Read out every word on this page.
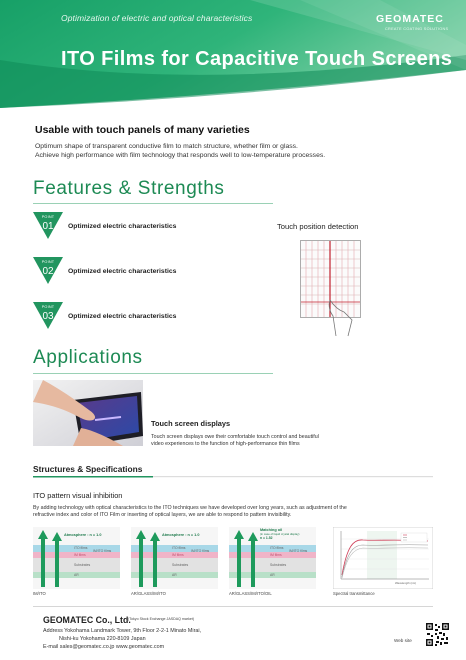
Optimization of electric and optical characteristics
ITO Films for Capacitive Touch Screens
GEOMATEC
CREATE COATING SOLUTIONS
Usable with touch panels of many varieties
Optimum shape of transparent conductive film to match structure, whether film or glass.
Achieve high performance with film technology that responds well to low-temperature processes.
Features & Strengths
POINT
01	Optimized electric characteristics
POINT
02	Optimized electric characteristics
POINT
03	Optimized electric characteristics
Touch position detection
Applications
Touch screen displays
Touch screen displays owe their comfortable touch control and beautiful
video experiences to the function of high-performance thin films
Structures & Specifications
ITO pattern visual inhibition
By adding technology with optical characteristics to the ITO techniques we have developed over long years, such as adjustment of the
refractive index and color of ITO Film or inserting of optical layers, we are able to respond to pattern invisibility.
Atmosphere : n = 1.0
ITO films
IM films
IM/ITO films
Substrates
AR
IM/ITO
Atmosphere : n = 1.0
ITO films
IM films
IM/ITO films
Substrates
AR
AR/GLASS/IM/ITO
Matching oil
(in case of liquid crystal display)
n = 1.52
ITO films
IM films
IM/ITO films
Substrates
AR
AR/GLASS/IM/ITO/OIL
Wavelength (nm)
Spectral transmittance
GEOMATEC Co., Ltd.
(Tokyo Stock Exchange JASDAQ market)
Address Yokohama Landmark Tower, 9th Floor 2-2-1 Minato Mirai,
Nishi-ku Yokohama 220-8109 Japan
E-mail sales@geomatec.co.jp www.geomatec.com
Web site
